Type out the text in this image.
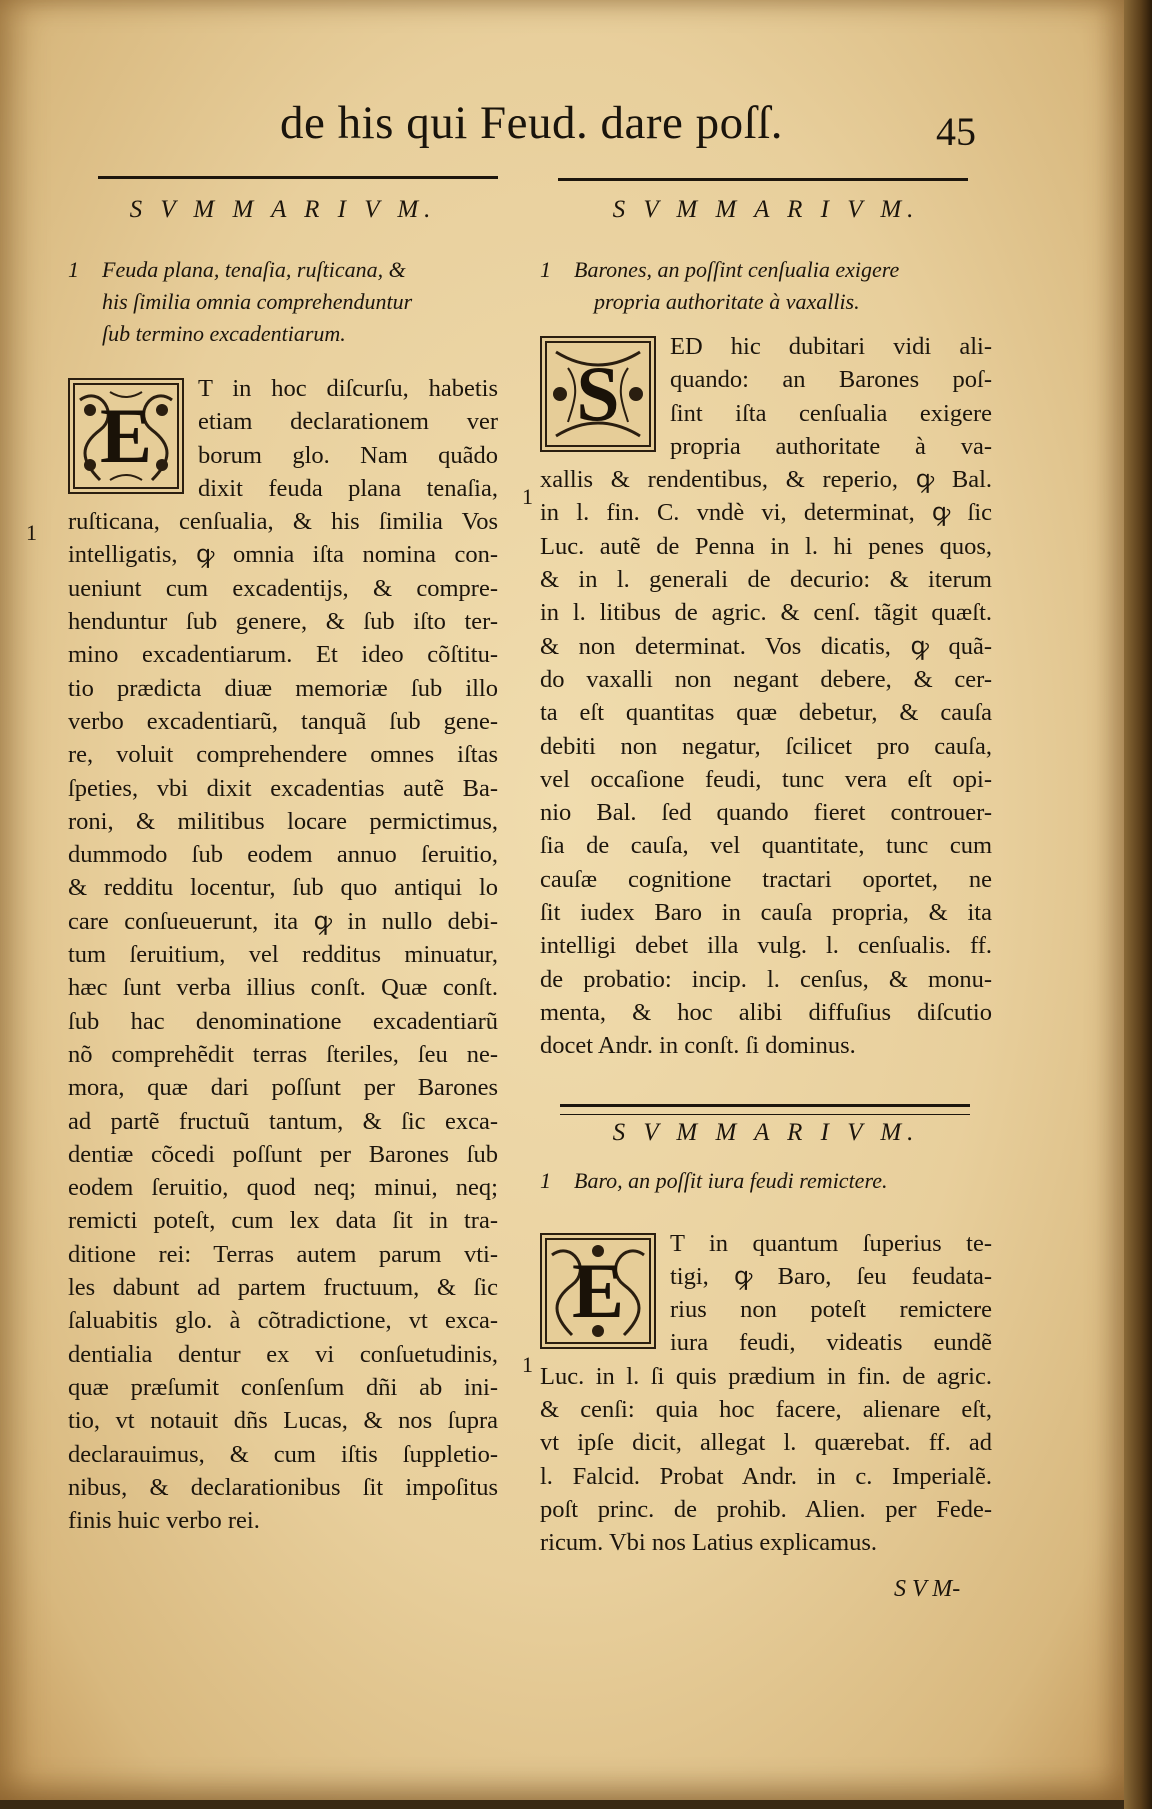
de his qui Feud. dare poſſ.	45
S V M M A R I V M.
1 Feuda plana, tenaſia, ruſticana, &
his ſimilia omnia comprehenduntur
ſub termino excadentiarum.
E
T in hoc diſcurſu, habetis
etiam declarationem ver
borum glo. Nam quãdo
dixit feuda plana tenaſia,
ruſticana, cenſualia, & his ſimilia Vos
intelligatis, ꝙ omnia iſta nomina con-
ueniunt cum excadentijs, & compre-
henduntur ſub genere, & ſub iſto ter-
mino excadentiarum. Et ideo cõſtitu-
tio prædicta diuæ memoriæ ſub illo
verbo excadentiarũ, tanquã ſub gene-
re, voluit comprehendere omnes iſtas
ſpeties, vbi dixit excadentias autẽ Ba-
roni, & militibus locare permictimus,
dummodo ſub eodem annuo ſeruitio,
& redditu locentur, ſub quo antiqui lo
care conſueuerunt, ita ꝙ in nullo debi-
tum ſeruitium, vel redditus minuatur,
hæc ſunt verba illius conſt. Quæ conſt.
ſub hac denominatione excadentiarũ
nõ comprehẽdit terras ſteriles, ſeu ne-
mora, quæ dari poſſunt per Barones
ad partẽ fructuũ tantum, & ſic exca-
dentiæ cõcedi poſſunt per Barones ſub
eodem ſeruitio, quod neq; minui, neq;
remicti poteſt, cum lex data ſit in tra-
ditione rei: Terras autem parum vti-
les dabunt ad partem fructuum, & ſic
ſaluabitis glo. à cõtradictione, vt exca-
dentialia dentur ex vi conſuetudinis,
quæ præſumit conſenſum dñi ab ini-
tio, vt notauit dñs Lucas, & nos ſupra
declarauimus, & cum iſtis ſuppletio-
nibus, & declarationibus ſit impoſitus
finis huic verbo rei.
1
S V M M A R I V M.
1 Barones, an poſſint cenſualia exigere
propria authoritate à vaxallis.
S
ED hic dubitari vidi ali-
quando: an Barones poſ-
ſint iſta cenſualia exigere
propria authoritate à va-
xallis & rendentibus, & reperio, ꝙ Bal.
in l. fin. C. vndè vi, determinat, ꝙ ſic
Luc. autẽ de Penna in l. hi penes quos,
& in l. generali de decurio: & iterum
in l. litibus de agric. & cenſ. tãgit quæſt.
& non determinat. Vos dicatis, ꝙ quã-
do vaxalli non negant debere, & cer-
ta eſt quantitas quæ debetur, & cauſa
debiti non negatur, ſcilicet pro cauſa,
vel occaſione feudi, tunc vera eſt opi-
nio Bal. ſed quando fieret controuer-
ſia de cauſa, vel quantitate, tunc cum
cauſæ cognitione tractari oportet, ne
ſit iudex Baro in cauſa propria, & ita
intelligi debet illa vulg. l. cenſualis. ff.
de probatio: incip. l. cenſus, & monu-
menta, & hoc alibi diffuſius diſcutio
docet Andr. in conſt. ſi dominus.
S V M M A R I V M.
1 Baro, an poſſit iura feudi remictere.
E
T in quantum ſuperius te-
tigi, ꝙ Baro, ſeu feudata-
rius non poteſt remictere
iura feudi, videatis eundẽ
Luc. in l. ſi quis prædium in fin. de agric.
& cenſi: quia hoc facere, alienare eſt,
vt ipſe dicit, allegat l. quærebat. ff. ad
l. Falcid. Probat Andr. in c. Imperialẽ.
poſt princ. de prohib. Alien. per Fede-
ricum. Vbi nos Latius explicamus.
1
1
S V M-
